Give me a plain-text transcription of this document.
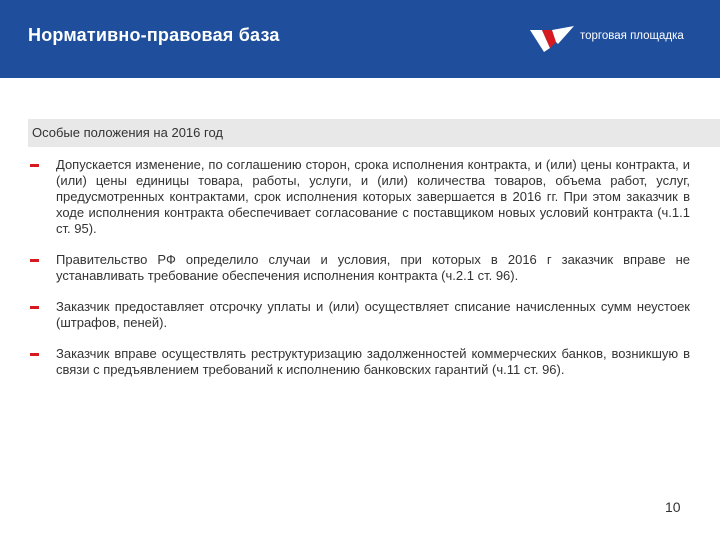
Нормативно-правовая база	торговая площадка
Особые положения на 2016 год
Допускается изменение, по соглашению сторон, срока исполнения контракта, и (или) цены контракта, и (или) цены единицы товара, работы, услуги, и (или) количества товаров, объема работ, услуг, предусмотренных контрактами, срок исполнения которых завершается в 2016 гг. При этом заказчик в ходе исполнения контракта обеспечивает согласование с поставщиком новых условий контракта (ч.1.1 ст. 95).
Правительство РФ определило случаи и условия, при которых в 2016 г заказчик вправе не устанавливать требование обеспечения исполнения контракта (ч.2.1 ст. 96).
Заказчик предоставляет отсрочку уплаты и (или) осуществляет списание начисленных сумм неустоек (штрафов, пеней).
Заказчик вправе осуществлять реструктуризацию задолженностей коммерческих банков, возникшую в связи с предъявлением требований к исполнению банковских гарантий (ч.11 ст. 96).
10
